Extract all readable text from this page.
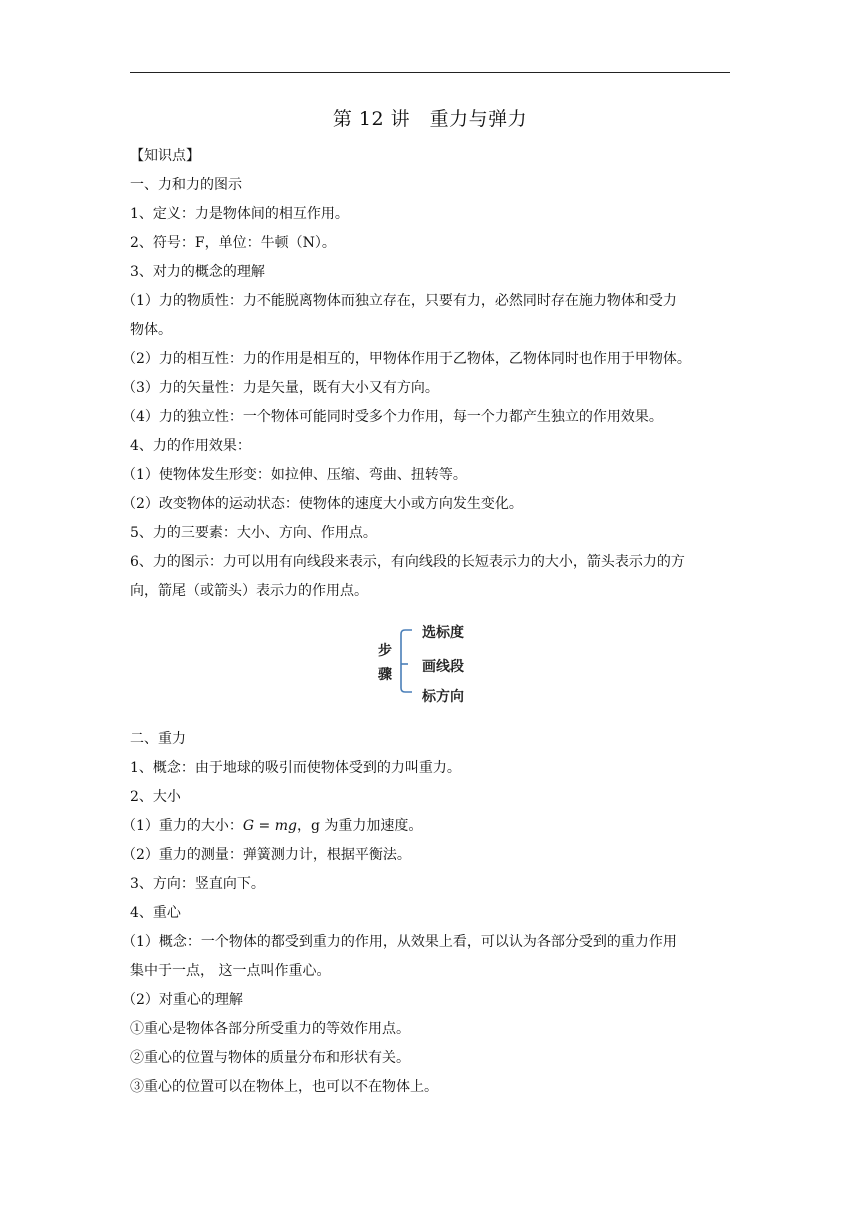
第 12 讲　重力与弹力
【知识点】
一、力和力的图示
1、定义：力是物体间的相互作用。
2、符号：F，单位：牛顿（N）。
3、对力的概念的理解
（1）力的物质性：力不能脱离物体而独立存在，只要有力，必然同时存在施力物体和受力
物体。
（2）力的相互性：力的作用是相互的，甲物体作用于乙物体，乙物体同时也作用于甲物体。
（3）力的矢量性：力是矢量，既有大小又有方向。
（4）力的独立性：一个物体可能同时受多个力作用，每一个力都产生独立的作用效果。
4、力的作用效果：
（1）使物体发生形变：如拉伸、压缩、弯曲、扭转等。
（2）改变物体的运动状态：使物体的速度大小或方向发生变化。
5、力的三要素：大小、方向、作用点。
6、力的图示：力可以用有向线段来表示，有向线段的长短表示力的大小，箭头表示力的方
向，箭尾（或箭头）表示力的作用点。
步
骤
选标度
画线段
标方向
二、重力
1、概念：由于地球的吸引而使物体受到的力叫重力。
2、大小
（1）重力的大小：G = mg，g 为重力加速度。
（2）重力的测量：弹簧测力计，根据平衡法。
3、方向：竖直向下。
4、重心
（1）概念：一个物体的都受到重力的作用，从效果上看，可以认为各部分受到的重力作用
集中于一点， 这一点叫作重心。
（2）对重心的理解
①重心是物体各部分所受重力的等效作用点。
②重心的位置与物体的质量分布和形状有关。
③重心的位置可以在物体上，也可以不在物体上。
